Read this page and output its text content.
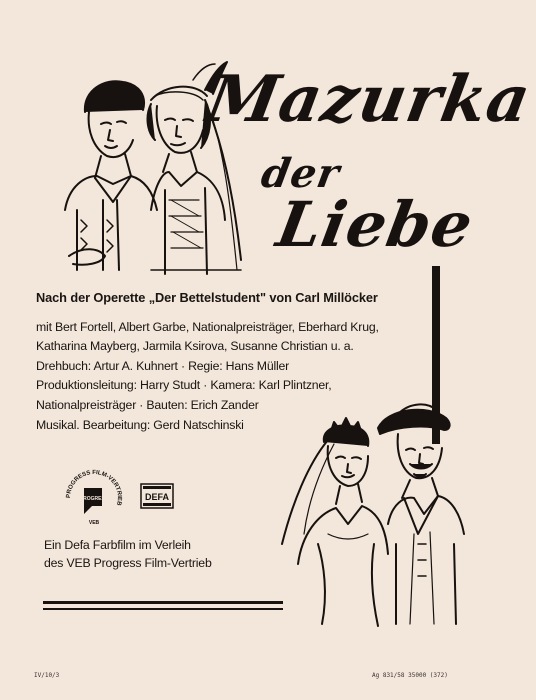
Mazurka
der
Liebe
Nach der Operette „Der Bettelstudent" von Carl Millöcker
mit Bert Fortell, Albert Garbe, Nationalpreisträger, Eberhard Krug,
Katharina Mayberg, Jarmila Ksirova, Susanne Christian u. a.
Drehbuch: Artur A. Kuhnert · Regie: Hans Müller
Produktionsleitung: Harry Studt · Kamera: Karl Plintzner,
Nationalpreisträger · Bauten: Erich Zander
Musikal. Bearbeitung: Gerd Natschinski
PROGRESS FILM-VERTRIEB
PROGRESS
VEB
DEFA
Ein Defa Farbfilm im Verleih
des VEB Progress Film-Vertrieb
IV/10/3	Ag 831/58 35000 (372)
